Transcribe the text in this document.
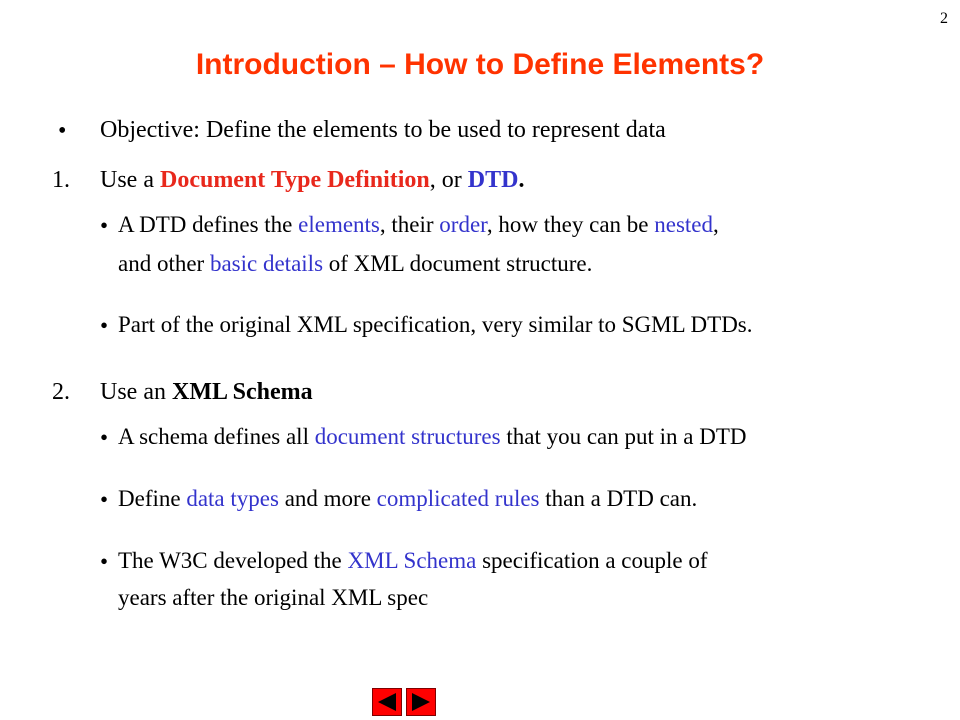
2
Introduction – How to Define Elements?
• Objective: Define the elements to be used to represent data
1. Use a Document Type Definition, or DTD.
• A DTD defines the elements, their order, how they can be nested,
and other basic details of XML document structure.
• Part of the original XML specification, very similar to SGML DTDs.
2. Use an XML Schema
• A schema defines all document structures that you can put in a DTD
• Define data types and more complicated rules than a DTD can.
• The W3C developed the XML Schema specification a couple of
years after the original XML spec
